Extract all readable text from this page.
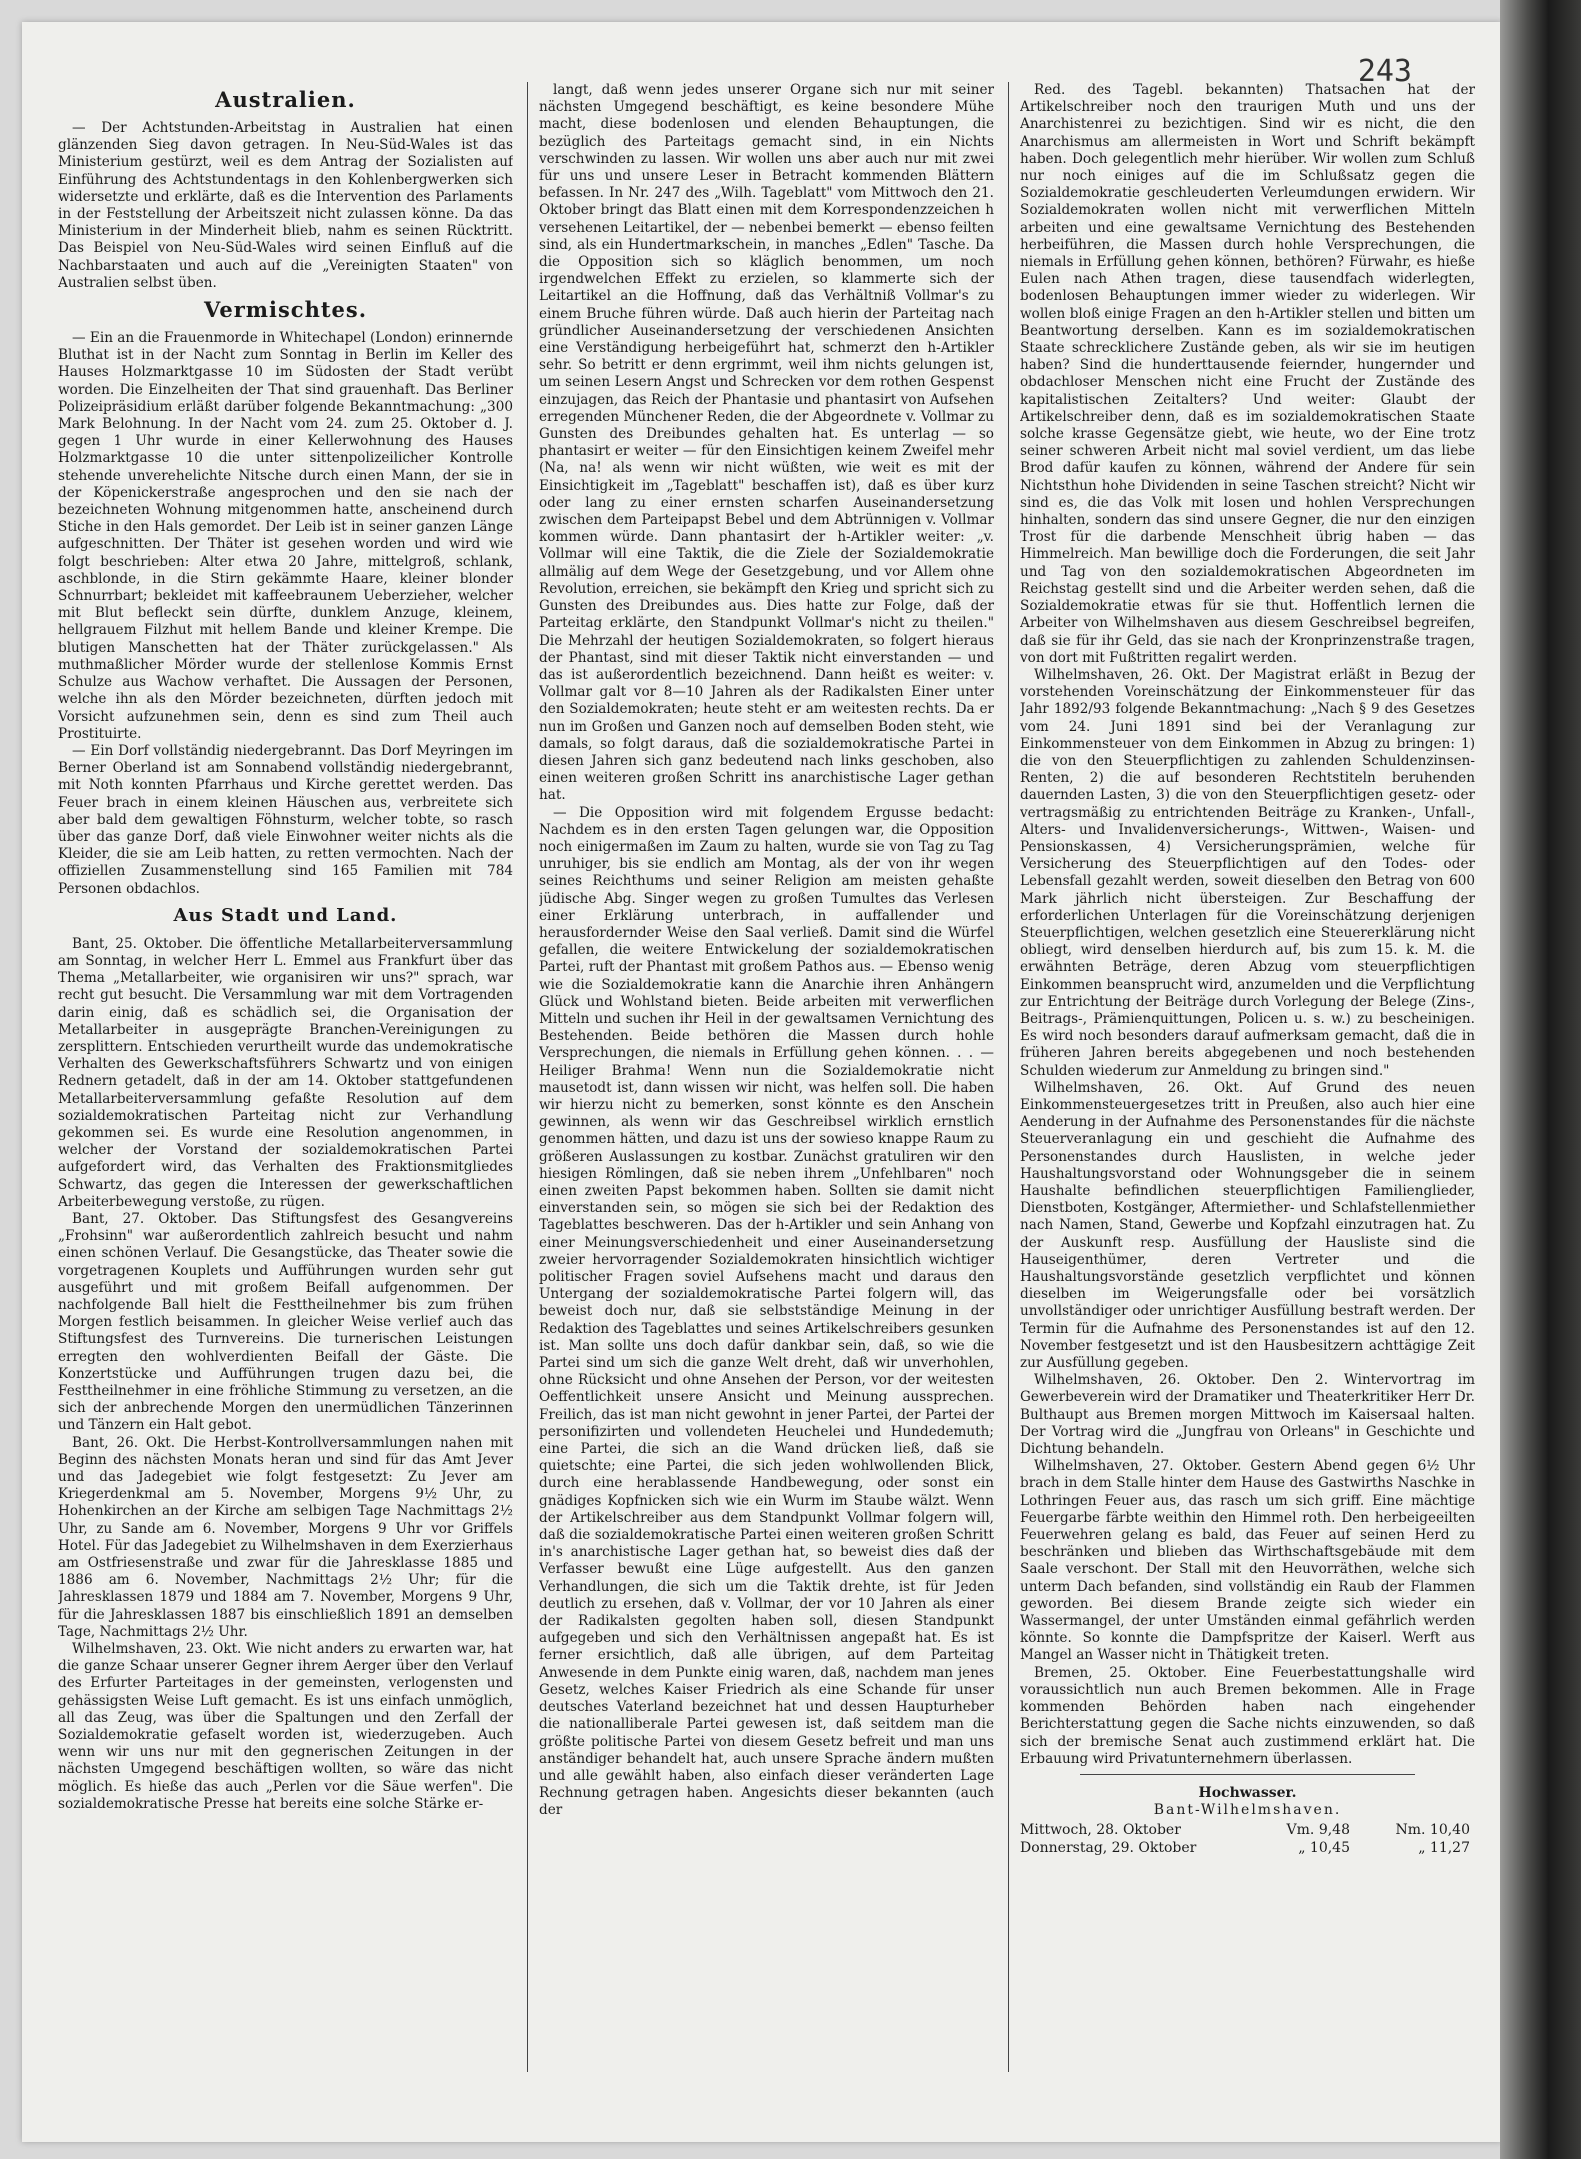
243
Australien.

— Der Achtstunden-Arbeitstag in Australien hat einen glänzenden Sieg davon getragen. In Neu-Süd-Wales ist das Ministerium gestürzt, weil es dem Antrag der Sozialisten auf Einführung des Achtstundentags in den Kohlenbergwerken sich widersetzte und erklärte, daß es die Intervention des Parlaments in der Feststellung der Arbeitszeit nicht zulassen könne. Da das Ministerium in der Minderheit blieb, nahm es seinen Rücktritt. Das Beispiel von Neu-Süd-Wales wird seinen Einfluß auf die Nachbarstaaten und auch auf die „Vereinigten Staaten" von Australien selbst üben.

Vermischtes.

— Ein an die Frauenmorde in Whitechapel (London) erinnernde Bluthat ist in der Nacht zum Sonntag in Berlin im Keller des Hauses Holzmarktgasse 10 im Südosten der Stadt verübt worden. Die Einzelheiten der That sind grauenhaft. Das Berliner Polizeipräsidium erläßt darüber folgende Bekanntmachung: „300 Mark Belohnung. In der Nacht vom 24. zum 25. Oktober d. J. gegen 1 Uhr wurde in einer Kellerwohnung des Hauses Holzmarktgasse 10 die unter sittenpolizeilicher Kontrolle stehende unverehelichte Nitsche durch einen Mann, der sie in der Köpenickerstraße angesprochen und den sie nach der bezeichneten Wohnung mitgenommen hatte, anscheinend durch Stiche in den Hals gemordet. Der Leib ist in seiner ganzen Länge aufgeschnitten. Der Thäter ist gesehen worden und wird wie folgt beschrieben: Alter etwa 20 Jahre, mittelgroß, schlank, aschblonde, in die Stirn gekämmte Haare, kleiner blonder Schnurrbart; bekleidet mit kaffeebraunem Ueberzieher, welcher mit Blut befleckt sein dürfte, dunklem Anzuge, kleinem, hellgrauem Filzhut mit hellem Bande und kleiner Krempe. Die blutigen Manschetten hat der Thäter zurückgelassen." Als muthmaßlicher Mörder wurde der stellenlose Kommis Ernst Schulze aus Wachow verhaftet. Die Aussagen der Personen, welche ihn als den Mörder bezeichneten, dürften jedoch mit Vorsicht aufzunehmen sein, denn es sind zum Theil auch Prostituirte.

— Ein Dorf vollständig niedergebrannt. Das Dorf Meyringen im Berner Oberland ist am Sonnabend vollständig niedergebrannt, mit Noth konnten Pfarrhaus und Kirche gerettet werden. Das Feuer brach in einem kleinen Häuschen aus, verbreitete sich aber bald dem gewaltigen Föhnsturm, welcher tobte, so rasch über das ganze Dorf, daß viele Einwohner weiter nichts als die Kleider, die sie am Leib hatten, zu retten vermochten. Nach der offiziellen Zusammenstellung sind 165 Familien mit 784 Personen obdachlos.

Aus Stadt und Land.

Bant, 25. Oktober. Die öffentliche Metallarbeiterversammlung am Sonntag, in welcher Herr L. Emmel aus Frankfurt über das Thema „Metallarbeiter, wie organisiren wir uns?" sprach, war recht gut besucht. Die Versammlung war mit dem Vortragenden darin einig, daß es schädlich sei, die Organisation der Metallarbeiter in ausgeprägte Branchen-Vereinigungen zu zersplittern. Entschieden verurtheilt wurde das undemokratische Verhalten des Gewerkschaftsführers Schwartz und von einigen Rednern getadelt, daß in der am 14. Oktober stattgefundenen Metallarbeiterversammlung gefaßte Resolution auf dem sozialdemokratischen Parteitag nicht zur Verhandlung gekommen sei. Es wurde eine Resolution angenommen, in welcher der Vorstand der sozialdemokratischen Partei aufgefordert wird, das Verhalten des Fraktionsmitgliedes Schwartz, das gegen die Interessen der gewerkschaftlichen Arbeiterbewegung verstoße, zu rügen.

Bant, 27. Oktober. Das Stiftungsfest des Gesangvereins „Frohsinn" war außerordentlich zahlreich besucht und nahm einen schönen Verlauf. Die Gesangstücke, das Theater sowie die vorgetragenen Kouplets und Aufführungen wurden sehr gut ausgeführt und mit großem Beifall aufgenommen. Der nachfolgende Ball hielt die Festtheilnehmer bis zum frühen Morgen festlich beisammen. In gleicher Weise verlief auch das Stiftungsfest des Turnvereins. Die turnerischen Leistungen erregten den wohlverdienten Beifall der Gäste. Die Konzertstücke und Aufführungen trugen dazu bei, die Festtheilnehmer in eine fröhliche Stimmung zu versetzen, an die sich der anbrechende Morgen den unermüdlichen Tänzerinnen und Tänzern ein Halt gebot.

Bant, 26. Okt. Die Herbst-Kontrollversammlungen nahen mit Beginn des nächsten Monats heran und sind für das Amt Jever und das Jadegebiet wie folgt festgesetzt: Zu Jever am Kriegerdenkmal am 5. November, Morgens 9½ Uhr, zu Hohenkirchen an der Kirche am selbigen Tage Nachmittags 2½ Uhr, zu Sande am 6. November, Morgens 9 Uhr vor Griffels Hotel. Für das Jadegebiet zu Wilhelmshaven in dem Exerzierhaus am Ostfriesenstraße und zwar für die Jahresklasse 1885 und 1886 am 6. November, Nachmittags 2½ Uhr; für die Jahresklassen 1879 und 1884 am 7. November, Morgens 9 Uhr, für die Jahresklassen 1887 bis einschließlich 1891 an demselben Tage, Nachmittags 2½ Uhr.

Wilhelmshaven, 23. Okt. Wie nicht anders zu erwarten war, hat die ganze Schaar unserer Gegner ihrem Aerger über den Verlauf des Erfurter Parteitages in der gemeinsten, verlogensten und gehässigsten Weise Luft gemacht. Es ist uns einfach unmöglich, all das Zeug, was über die Spaltungen und den Zerfall der Sozialdemokratie gefaselt worden ist, wiederzugeben. Auch wenn wir uns nur mit den gegnerischen Zeitungen in der nächsten Umgegend beschäftigen wollten, so wäre das nicht möglich. Es hieße das auch „Perlen vor die Säue werfen". Die sozialdemokratische Presse hat bereits eine solche Stärke er-

langt, daß wenn jedes unserer Organe sich nur mit seiner nächsten Umgegend beschäftigt, es keine besondere Mühe macht, diese bodenlosen und elenden Behauptungen, die bezüglich des Parteitags gemacht sind, in ein Nichts verschwinden zu lassen. Wir wollen uns aber auch nur mit zwei für uns und unsere Leser in Betracht kommenden Blättern befassen. In Nr. 247 des „Wilh. Tageblatt" vom Mittwoch den 21. Oktober bringt das Blatt einen mit dem Korrespondenzzeichen h versehenen Leitartikel, der — nebenbei bemerkt — ebenso feilten sind, als ein Hundertmarkschein, in manches „Edlen" Tasche. Da die Opposition sich so kläglich benommen, um noch irgendwelchen Effekt zu erzielen, so klammerte sich der Leitartikel an die Hoffnung, daß das Verhältniß Vollmar's zu einem Bruche führen würde. Daß auch hierin der Parteitag nach gründlicher Auseinandersetzung der verschiedenen Ansichten eine Verständigung herbeigeführt hat, schmerzt den h-Artikler sehr. So betritt er denn ergrimmt, weil ihm nichts gelungen ist, um seinen Lesern Angst und Schrecken vor dem rothen Gespenst einzujagen, das Reich der Phantasie und phantasirt von Aufsehen erregenden Münchener Reden, die der Abgeordnete v. Vollmar zu Gunsten des Dreibundes gehalten hat. Es unterlag — so phantasirt er weiter — für den Einsichtigen keinem Zweifel mehr (Na, na! als wenn wir nicht wüßten, wie weit es mit der Einsichtigkeit im „Tageblatt" beschaffen ist), daß es über kurz oder lang zu einer ernsten scharfen Auseinandersetzung zwischen dem Parteipapst Bebel und dem Abtrünnigen v. Vollmar kommen würde. Dann phantasirt der h-Artikler weiter: „v. Vollmar will eine Taktik, die die Ziele der Sozialdemokratie allmälig auf dem Wege der Gesetzgebung, und vor Allem ohne Revolution, erreichen, sie bekämpft den Krieg und spricht sich zu Gunsten des Dreibundes aus. Dies hatte zur Folge, daß der Parteitag erklärte, den Standpunkt Vollmar's nicht zu theilen." Die Mehrzahl der heutigen Sozialdemokraten, so folgert hieraus der Phantast, sind mit dieser Taktik nicht einverstanden — und das ist außerordentlich bezeichnend. Dann heißt es weiter: v. Vollmar galt vor 8—10 Jahren als der Radikalsten Einer unter den Sozialdemokraten; heute steht er am weitesten rechts. Da er nun im Großen und Ganzen noch auf demselben Boden steht, wie damals, so folgt daraus, daß die sozialdemokratische Partei in diesen Jahren sich ganz bedeutend nach links geschoben, also einen weiteren großen Schritt ins anarchistische Lager gethan hat.

— Die Opposition wird mit folgendem Ergusse bedacht: Nachdem es in den ersten Tagen gelungen war, die Opposition noch einigermaßen im Zaum zu halten, wurde sie von Tag zu Tag unruhiger, bis sie endlich am Montag, als der von ihr wegen seines Reichthums und seiner Religion am meisten gehaßte jüdische Abg. Singer wegen zu großen Tumultes das Verlesen einer Erklärung unterbrach, in auffallender und herausfordernder Weise den Saal verließ. Damit sind die Würfel gefallen, die weitere Entwickelung der sozialdemokratischen Partei, ruft der Phantast mit großem Pathos aus. — Ebenso wenig wie die Sozialdemokratie kann die Anarchie ihren Anhängern Glück und Wohlstand bieten. Beide arbeiten mit verwerflichen Mitteln und suchen ihr Heil in der gewaltsamen Vernichtung des Bestehenden. Beide bethören die Massen durch hohle Versprechungen, die niemals in Erfüllung gehen können. . . — Heiliger Brahma! Wenn nun die Sozialdemokratie nicht mausetodt ist, dann wissen wir nicht, was helfen soll. Die haben wir hierzu nicht zu bemerken, sonst könnte es den Anschein gewinnen, als wenn wir das Geschreibsel wirklich ernstlich genommen hätten, und dazu ist uns der sowieso knappe Raum zu größeren Auslassungen zu kostbar. Zunächst gratuliren wir den hiesigen Römlingen, daß sie neben ihrem „Unfehlbaren" noch einen zweiten Papst bekommen haben. Sollten sie damit nicht einverstanden sein, so mögen sie sich bei der Redaktion des Tageblattes beschweren. Das der h-Artikler und sein Anhang von einer Meinungsverschiedenheit und einer Auseinandersetzung zweier hervorragender Sozialdemokraten hinsichtlich wichtiger politischer Fragen soviel Aufsehens macht und daraus den Untergang der sozialdemokratische Partei folgern will, das beweist doch nur, daß sie selbstständige Meinung in der Redaktion des Tageblattes und seines Artikelschreibers gesunken ist. Man sollte uns doch dafür dankbar sein, daß, so wie die Partei sind um sich die ganze Welt dreht, daß wir unverhohlen, ohne Rücksicht und ohne Ansehen der Person, vor der weitesten Oeffentlichkeit unsere Ansicht und Meinung aussprechen. Freilich, das ist man nicht gewohnt in jener Partei, der Partei der personifizirten und vollendeten Heuchelei und Hundedemuth; eine Partei, die sich an die Wand drücken ließ, daß sie quietschte; eine Partei, die sich jeden wohlwollenden Blick, durch eine herablassende Handbewegung, oder sonst ein gnädiges Kopfnicken sich wie ein Wurm im Staube wälzt. Wenn der Artikelschreiber aus dem Standpunkt Vollmar folgern will, daß die sozialdemokratische Partei einen weiteren großen Schritt in's anarchistische Lager gethan hat, so beweist dies daß der Verfasser bewußt eine Lüge aufgestellt. Aus den ganzen Verhandlungen, die sich um die Taktik drehte, ist für Jeden deutlich zu ersehen, daß v. Vollmar, der vor 10 Jahren als einer der Radikalsten gegolten haben soll, diesen Standpunkt aufgegeben und sich den Verhältnissen angepaßt hat. Es ist ferner ersichtlich, daß alle übrigen, auf dem Parteitag Anwesende in dem Punkte einig waren, daß, nachdem man jenes Gesetz, welches Kaiser Friedrich als eine Schande für unser deutsches Vaterland bezeichnet hat und dessen Haupturheber die nationalliberale Partei gewesen ist, daß seitdem man die größte politische Partei von diesem Gesetz befreit und man uns anständiger behandelt hat, auch unsere Sprache ändern mußten und alle gewählt haben, also einfach dieser veränderten Lage Rechnung getragen haben. Angesichts dieser bekannten (auch der

Red. des Tagebl. bekannten) Thatsachen hat der Artikelschreiber noch den traurigen Muth und uns der Anarchistenrei zu bezichtigen. Sind wir es nicht, die den Anarchismus am allermeisten in Wort und Schrift bekämpft haben. Doch gelegentlich mehr hierüber. Wir wollen zum Schluß nur noch einiges auf die im Schlußsatz gegen die Sozialdemokratie geschleuderten Verleumdungen erwidern. Wir Sozialdemokraten wollen nicht mit verwerflichen Mitteln arbeiten und eine gewaltsame Vernichtung des Bestehenden herbeiführen, die Massen durch hohle Versprechungen, die niemals in Erfüllung gehen können, bethören? Fürwahr, es hieße Eulen nach Athen tragen, diese tausendfach widerlegten, bodenlosen Behauptungen immer wieder zu widerlegen. Wir wollen bloß einige Fragen an den h-Artikler stellen und bitten um Beantwortung derselben. Kann es im sozialdemokratischen Staate schrecklichere Zustände geben, als wir sie im heutigen haben? Sind die hunderttausende feiernder, hungernder und obdachloser Menschen nicht eine Frucht der Zustände des kapitalistischen Zeitalters? Und weiter: Glaubt der Artikelschreiber denn, daß es im sozialdemokratischen Staate solche krasse Gegensätze giebt, wie heute, wo der Eine trotz seiner schweren Arbeit nicht mal soviel verdient, um das liebe Brod dafür kaufen zu können, während der Andere für sein Nichtsthun hohe Dividenden in seine Taschen streicht? Nicht wir sind es, die das Volk mit losen und hohlen Versprechungen hinhalten, sondern das sind unsere Gegner, die nur den einzigen Trost für die darbende Menschheit übrig haben — das Himmelreich. Man bewillige doch die Forderungen, die seit Jahr und Tag von den sozialdemokratischen Abgeordneten im Reichstag gestellt sind und die Arbeiter werden sehen, daß die Sozialdemokratie etwas für sie thut. Hoffentlich lernen die Arbeiter von Wilhelmshaven aus diesem Geschreibsel begreifen, daß sie für ihr Geld, das sie nach der Kronprinzenstraße tragen, von dort mit Fußtritten regalirt werden.

Wilhelmshaven, 26. Okt. Der Magistrat erläßt in Bezug der vorstehenden Voreinschätzung der Einkommensteuer für das Jahr 1892/93 folgende Bekanntmachung: „Nach § 9 des Gesetzes vom 24. Juni 1891 sind bei der Veranlagung zur Einkommensteuer von dem Einkommen in Abzug zu bringen: 1) die von den Steuerpflichtigen zu zahlenden Schuldenzinsen-Renten, 2) die auf besonderen Rechtstiteln beruhenden dauernden Lasten, 3) die von den Steuerpflichtigen gesetz- oder vertragsmäßig zu entrichtenden Beiträge zu Kranken-, Unfall-, Alters- und Invalidenversicherungs-, Wittwen-, Waisen- und Pensionskassen, 4) Versicherungsprämien, welche für Versicherung des Steuerpflichtigen auf den Todes- oder Lebensfall gezahlt werden, soweit dieselben den Betrag von 600 Mark jährlich nicht übersteigen. Zur Beschaffung der erforderlichen Unterlagen für die Voreinschätzung derjenigen Steuerpflichtigen, welchen gesetzlich eine Steuererklärung nicht obliegt, wird denselben hierdurch auf, bis zum 15. k. M. die erwähnten Beträge, deren Abzug vom steuerpflichtigen Einkommen beansprucht wird, anzumelden und die Verpflichtung zur Entrichtung der Beiträge durch Vorlegung der Belege (Zins-, Beitrags-, Prämienquittungen, Policen u. s. w.) zu bescheinigen. Es wird noch besonders darauf aufmerksam gemacht, daß die in früheren Jahren bereits abgegebenen und noch bestehenden Schulden wiederum zur Anmeldung zu bringen sind."

Wilhelmshaven, 26. Okt. Auf Grund des neuen Einkommensteuergesetzes tritt in Preußen, also auch hier eine Aenderung in der Aufnahme des Personenstandes für die nächste Steuerveranlagung ein und geschieht die Aufnahme des Personenstandes durch Hauslisten, in welche jeder Haushaltungsvorstand oder Wohnungsgeber die in seinem Haushalte befindlichen steuerpflichtigen Familienglieder, Dienstboten, Kostgänger, Aftermiether- und Schlafstellenmiether nach Namen, Stand, Gewerbe und Kopfzahl einzutragen hat. Zu der Auskunft resp. Ausfüllung der Hausliste sind die Hauseigenthümer, deren Vertreter und die Haushaltungsvorstände gesetzlich verpflichtet und können dieselben im Weigerungsfalle oder bei vorsätzlich unvollständiger oder unrichtiger Ausfüllung bestraft werden. Der Termin für die Aufnahme des Personenstandes ist auf den 12. November festgesetzt und ist den Hausbesitzern achttägige Zeit zur Ausfüllung gegeben.

Wilhelmshaven, 26. Oktober. Den 2. Wintervortrag im Gewerbeverein wird der Dramatiker und Theaterkritiker Herr Dr. Bulthaupt aus Bremen morgen Mittwoch im Kaisersaal halten. Der Vortrag wird die „Jungfrau von Orleans" in Geschichte und Dichtung behandeln.

Wilhelmshaven, 27. Oktober. Gestern Abend gegen 6½ Uhr brach in dem Stalle hinter dem Hause des Gastwirths Naschke in Lothringen Feuer aus, das rasch um sich griff. Eine mächtige Feuergarbe färbte weithin den Himmel roth. Den herbeigeeilten Feuerwehren gelang es bald, das Feuer auf seinen Herd zu beschränken und blieben das Wirthschaftsgebäude mit dem Saale verschont. Der Stall mit den Heuvorräthen, welche sich unterm Dach befanden, sind vollständig ein Raub der Flammen geworden. Bei diesem Brande zeigte sich wieder ein Wassermangel, der unter Umständen einmal gefährlich werden könnte. So konnte die Dampfspritze der Kaiserl. Werft aus Mangel an Wasser nicht in Thätigkeit treten.

Bremen, 25. Oktober. Eine Feuerbestattungshalle wird voraussichtlich nun auch Bremen bekommen. Alle in Frage kommenden Behörden haben nach eingehender Berichterstattung gegen die Sache nichts einzuwenden, so daß sich der bremische Senat auch zustimmend erklärt hat. Die Erbauung wird Privatunternehmern überlassen.

Hochwasser.
Bant-Wilhelmshaven.
Mittwoch, 28. Oktober	Vm. 9,48	Nm. 10,40
Donnerstag, 29. Oktober	„ 10,45	„ 11,27
